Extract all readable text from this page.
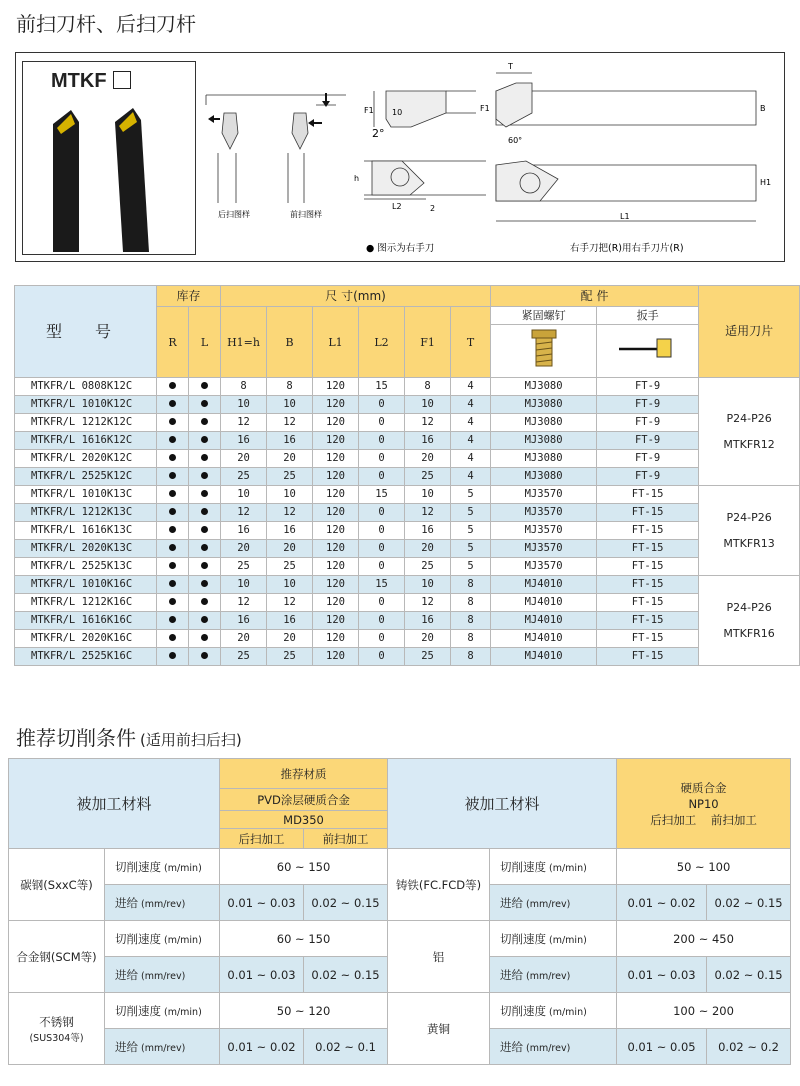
前扫刀杆、后扫刀杆
MTKF
后扫图样	前扫图样
F1 10
2°
h
L2	2
T
F1	B
60°
H1
L1
● 图示为右手刀	右手刀把(R)用右手刀片(R)
型 号	库存		尺 寸(mm)						配 件		适用刀片
	R	L	H1=h	B	L1	L2	F1	T	紧固螺钉	扳手	

MTKFR/L 0808K12C			8	8	120	15	8	4	MJ3080	FT-9	P24-P26
MTKFR12

MTKFR/L 1010K12C			10	10	120	0	10	4	MJ3080	FT-9	
MTKFR/L 1212K12C			12	12	120	0	12	4	MJ3080	FT-9	
MTKFR/L 1616K12C			16	16	120	0	16	4	MJ3080	FT-9	
MTKFR/L 2020K12C			20	20	120	0	20	4	MJ3080	FT-9	
MTKFR/L 2525K12C			25	25	120	0	25	4	MJ3080	FT-9	
MTKFR/L 1010K13C			10	10	120	15	10	5	MJ3570	FT-15	P24-P26
MTKFR13

MTKFR/L 1212K13C			12	12	120	0	12	5	MJ3570	FT-15	
MTKFR/L 1616K13C			16	16	120	0	16	5	MJ3570	FT-15	
MTKFR/L 2020K13C			20	20	120	0	20	5	MJ3570	FT-15	
MTKFR/L 2525K13C			25	25	120	0	25	5	MJ3570	FT-15	
MTKFR/L 1010K16C			10	10	120	15	10	8	MJ4010	FT-15	P24-P26
MTKFR16

MTKFR/L 1212K16C			12	12	120	0	12	8	MJ4010	FT-15	
MTKFR/L 1616K16C			16	16	120	0	16	8	MJ4010	FT-15	
MTKFR/L 2020K16C			20	20	120	0	20	8	MJ4010	FT-15	
MTKFR/L 2525K16C			25	25	120	0	25	8	MJ4010	FT-15	
推荐切削条件 (适用前扫后扫)
被加工材料		推荐材质		被加工材料		硬质合金
NP10
后扫加工 前扫加工	

		PVD涂层硬质合金					
		MD350					
		后扫加工	前扫加工				

碳钢(SxxC等)	切削速度 (m/min)	60 ~ 150		铸铁(FC.FCD等)	切削速度 (m/min)	50 ~ 100	
	进给 (mm/rev)	0.01 ~ 0.03	0.02 ~ 0.15		进给 (mm/rev)	0.01 ~ 0.02	0.02 ~ 0.15

合金钢(SCM等)	切削速度 (m/min)	60 ~ 150		铝	切削速度 (m/min)	200 ~ 450	
	进给 (mm/rev)	0.01 ~ 0.03	0.02 ~ 0.15		进给 (mm/rev)	0.01 ~ 0.03	0.02 ~ 0.15

不锈钢
(SUS304等)	切削速度 (m/min)	50 ~ 120		黄铜	切削速度 (m/min)	100 ~ 200	
	进给 (mm/rev)	0.01 ~ 0.02	0.02 ~ 0.1		进给 (mm/rev)	0.01 ~ 0.05	0.02 ~ 0.2
